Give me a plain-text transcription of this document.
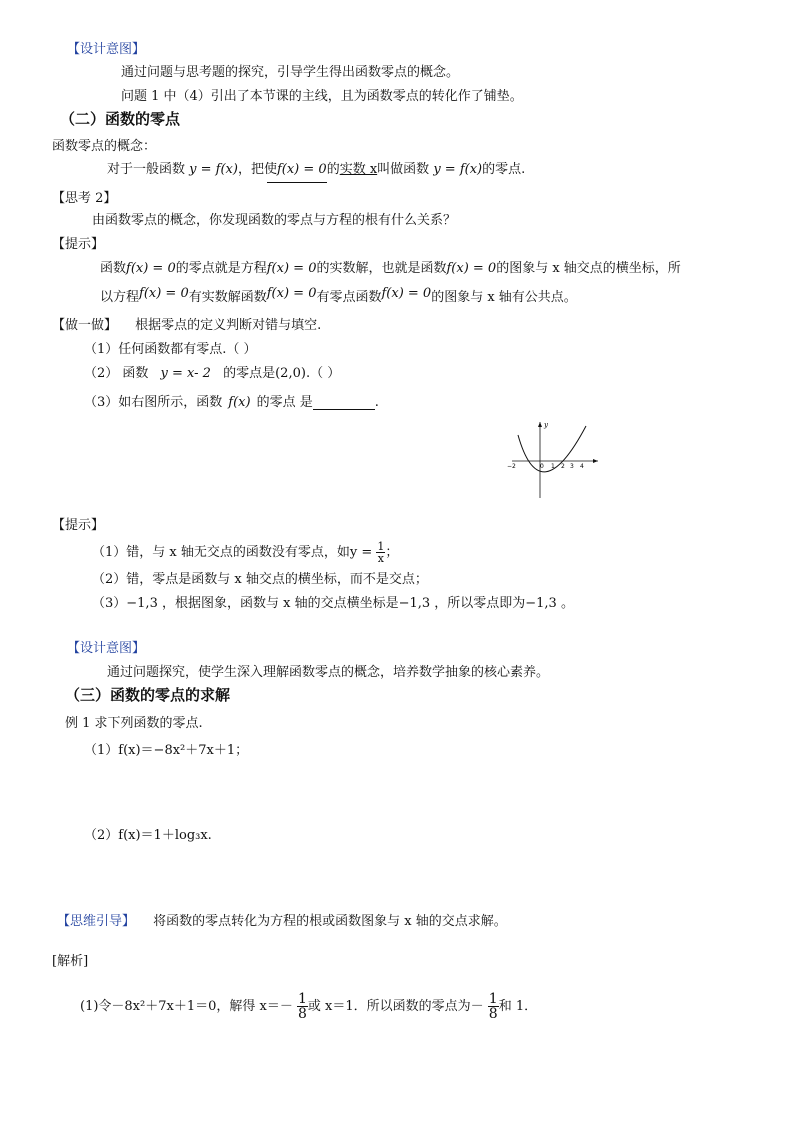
【设计意图】
通过问题与思考题的探究，引导学生得出函数零点的概念。
问题 1 中（4）引出了本节课的主线，且为函数零点的转化作了铺垫。
（二）函数的零点
函数零点的概念：
对于一般函数 y = f(x)，把使f(x) = 0的实数 x叫做函数 y = f(x)的零点.
【思考 2】
由函数零点的概念，你发现函数的零点与方程的根有什么关系？
【提示】
函数f(x) = 0的零点就是方程f(x) = 0的实数解，也就是函数f(x) = 0的图象与 x 轴交点的横坐标，所
以方程f(x) = 0有实数解函数f(x) = 0有零点函数f(x) = 0的图象与 x 轴有公共点。
【做一做】 根据零点的定义判断对错与填空.
（1）任何函数都有零点.（ ）
（2） 函数 y = x- 2 的零点是(2,0).（ ）
（3）如右图所示，函数 f(x) 的零点 是	.
y
−2	0 1 2 3 4
【提示】
（1）错，与 x 轴无交点的函数没有零点，如$y = \frac{1}{x}$ ；
（2）错，零点是函数与 x 轴交点的横坐标，而不是交点；
（3）−1,3 ，根据图象，函数与 x 轴的交点横坐标是−1,3 ，所以零点即为−1,3 。
【设计意图】
通过问题探究，使学生深入理解函数零点的概念，培养数学抽象的核心素养。
（三）函数的零点的求解
例 1 求下列函数的零点.
（1）f(x)＝−8x²＋7x＋1；
（2）f(x)＝1＋log₃x.
【思维引导】 将函数的零点转化为方程的根或函数图象与 x 轴的交点求解。
[解析]
(1)令－8x²＋7x＋1＝0，解得 $x=- \frac{1}{8}$ 或 x＝1．所以函数的零点为－ $\frac{1}{8}$ 和 1．
